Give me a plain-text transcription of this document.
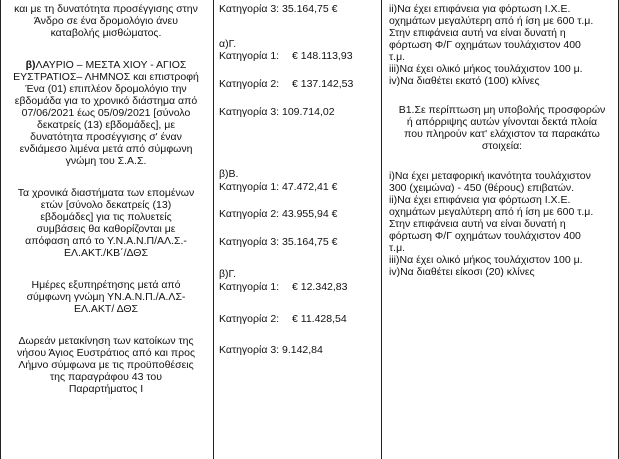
και με τη δυνατότητα προσέγγισης στην

Άνδρο σε ένα δρομολόγιο άνευ

καταβολής μισθώματος.

β)ΛΑΥΡΙΟ – ΜΕΣΤΑ ΧΙΟΥ - ΑΓΙΟΣ

ΕΥΣΤΡΑΤΙΟΣ– ΛΗΜΝΟΣ και επιστροφή

Ένα (01) επιπλέον δρομολόγιο την

εβδομάδα για το χρονικό διάστημα από

07/06/2021 έως 05/09/2021 [σύνολο

δεκατρείς (13) εβδομάδες], με

δυνατότητα προσέγγισης σ' έναν

ενδιάμεσο λιμένα μετά από σύμφωνη

γνώμη του Σ.Α.Σ.

Τα χρονικά διαστήματα των επομένων

ετών [σύνολο δεκατρείς (13)

εβδομάδες] για τις πολυετείς

συμβάσεις θα καθορίζονται με

απόφαση από το Υ.Ν.Α.Ν.Π/ΑΛ.Σ.-

ΕΛ.ΑΚΤ./ΚΒ΄/ΔΘΣ

Ημέρες εξυπηρέτησης μετά από

σύμφωνη γνώμη ΥΝ.Α.Ν.Π./Α.ΛΣ-

ΕΛ.ΑΚΤ/ ΔΘΣ

Δωρεάν μετακίνηση των κατοίκων της

νήσου Άγιος Ευστράτιος από και προς

Λήμνο σύμφωνα με τις προϋποθέσεις

της παραγράφου 43 του

Παραρτήματος Ι

Κατηγορία 3: 35.164,75 €
α)Γ.
Κατηγορία 1: € 148.113,93
Κατηγορία 2: € 137.142,53
Κατηγορία 3: 109.714,02
β)Β.
Κατηγορία 1: 47.472,41 €
Κατηγορία 2: 43.955,94 €
Κατηγορία 3: 35.164,75 €
β)Γ.
Κατηγορία 1: € 12.342,83
Κατηγορία 2: € 11.428,54
Κατηγορία 3: 9.142,84

ii)Να έχει επιφάνεια για φόρτωση Ι.Χ.Ε.

οχημάτων μεγαλύτερη από ή ίση με 600 τ.μ.

Στην επιφάνεια αυτή να είναι δυνατή η

φόρτωση Φ/Γ οχημάτων τουλάχιστον 400

τ.μ.

iii)Να έχει ολικό μήκος τουλάχιστον 100 μ.

iv)Να διαθέτει εκατό (100) κλίνες

Β1.Σε περίπτωση μη υποβολής προσφορών

ή απόρριψης αυτών γίνονται δεκτά πλοία

που πληρούν κατ' ελάχιστον τα παρακάτω

στοιχεία:

i)Να έχει μεταφορική ικανότητα τουλάχιστον

300 (χειμώνα) - 450 (θέρους) επιβατών.

ii)Να έχει επιφάνεια για φόρτωση Ι.Χ.Ε.

οχημάτων μεγαλύτερη από ή ίση με 600 τ.μ.

Στην επιφάνεια αυτή να είναι δυνατή η

φόρτωση Φ/Γ οχημάτων τουλάχιστον 400

τ.μ.

iii)Να έχει ολικό μήκος τουλάχιστον 100 μ.

iv)Να διαθέτει είκοσι (20) κλίνες
